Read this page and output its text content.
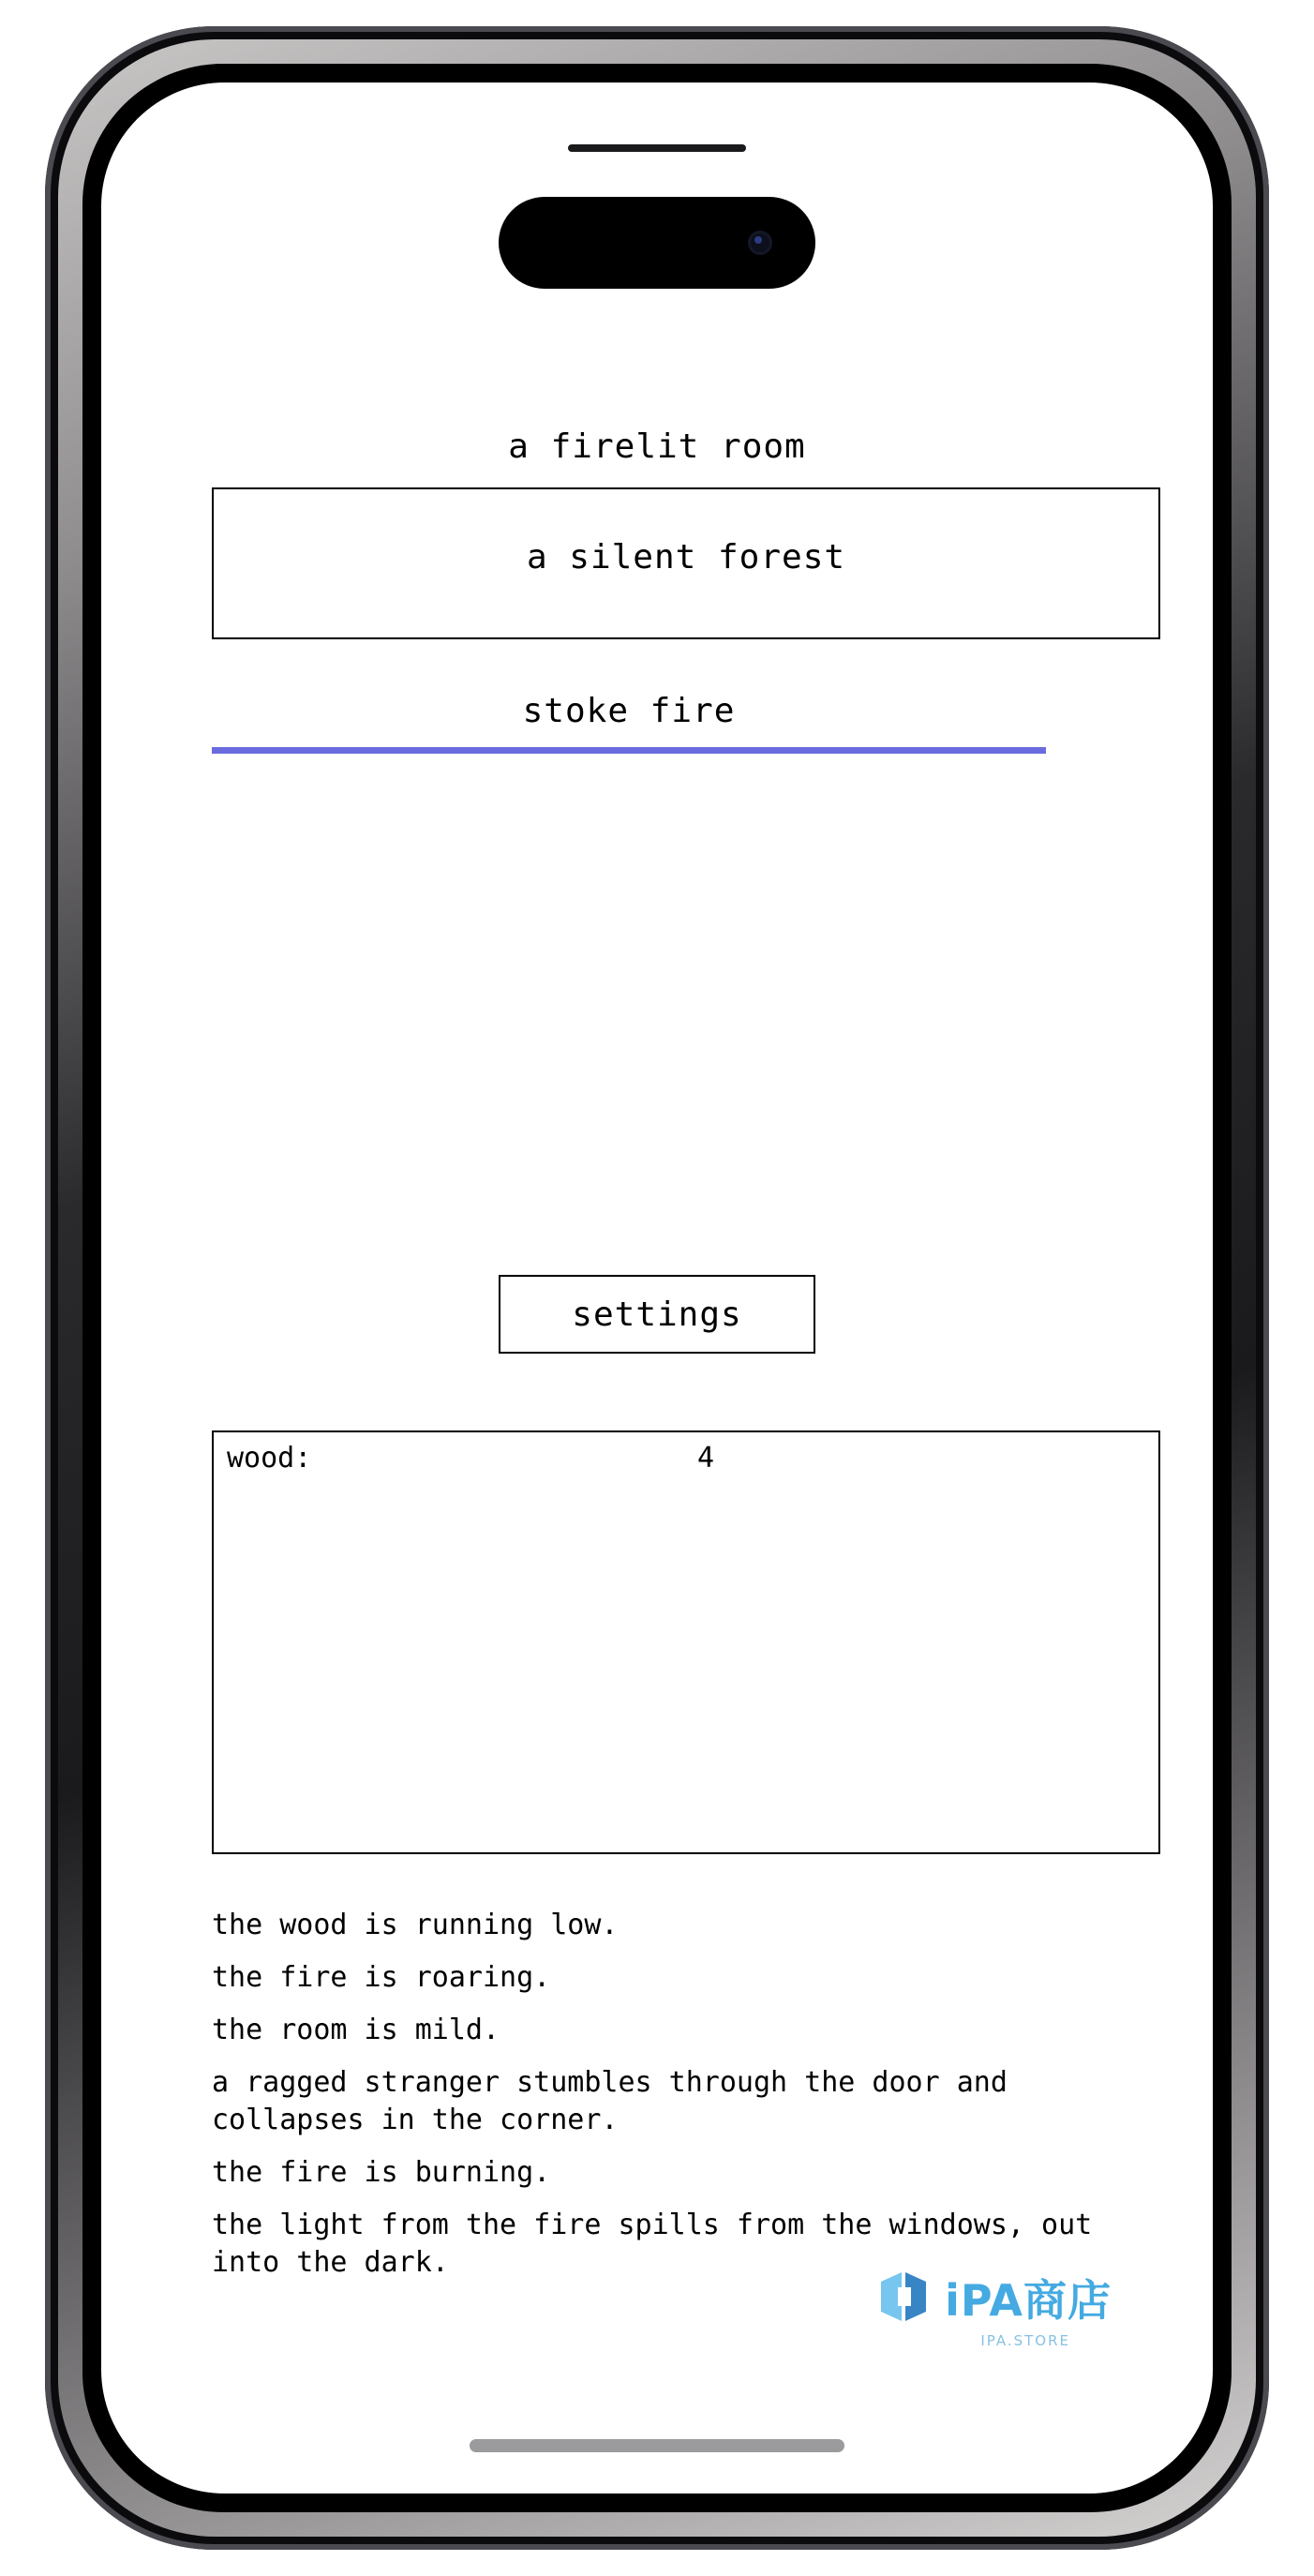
a firelit room
a silent forest
stoke fire
settings
wood:	4
the wood is running low.
the fire is roaring.
the room is mild.
a ragged stranger stumbles through the door and collapses in the corner.
the fire is burning.
the light from the fire spills from the windows, out into the dark.
iPA商店
IPA.STORE
